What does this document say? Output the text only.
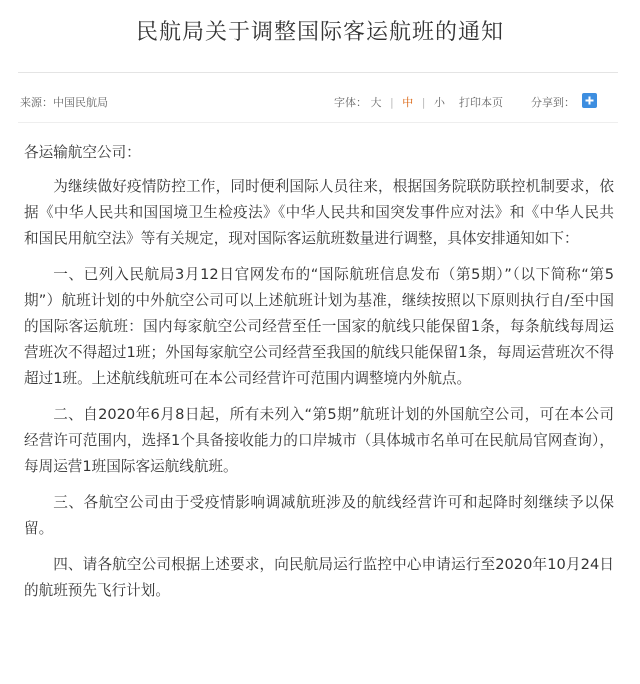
民航局关于调整国际客运航班的通知
来源：中国民航局	字体： 大 | 中 | 小 打印本页	分享到：

各运输航空公司：

为继续做好疫情防控工作，同时便利国际人员往来，根据国务院联防联控机制要求，依据《中华人民共和国国境卫生检疫法》《中华人民共和国突发事件应对法》和《中华人民共和国民用航空法》等有关规定，现对国际客运航班数量进行调整，具体安排通知如下：

一、已列入民航局3月12日官网发布的“国际航班信息发布（第5期）”（以下简称“第5期”）航班计划的中外航空公司可以上述航班计划为基准，继续按照以下原则执行自/至中国的国际客运航班：国内每家航空公司经营至任一国家的航线只能保留1条，每条航线每周运营班次不得超过1班；外国每家航空公司经营至我国的航线只能保留1条，每周运营班次不得超过1班。上述航线航班可在本公司经营许可范围内调整境内外航点。

二、自2020年6月8日起，所有未列入“第5期”航班计划的外国航空公司，可在本公司经营许可范围内，选择1个具备接收能力的口岸城市（具体城市名单可在民航局官网查询），每周运营1班国际客运航线航班。

三、各航空公司由于受疫情影响调减航班涉及的航线经营许可和起降时刻继续予以保留。

四、请各航空公司根据上述要求，向民航局运行监控中心申请运行至2020年10月24日的航班预先飞行计划。
